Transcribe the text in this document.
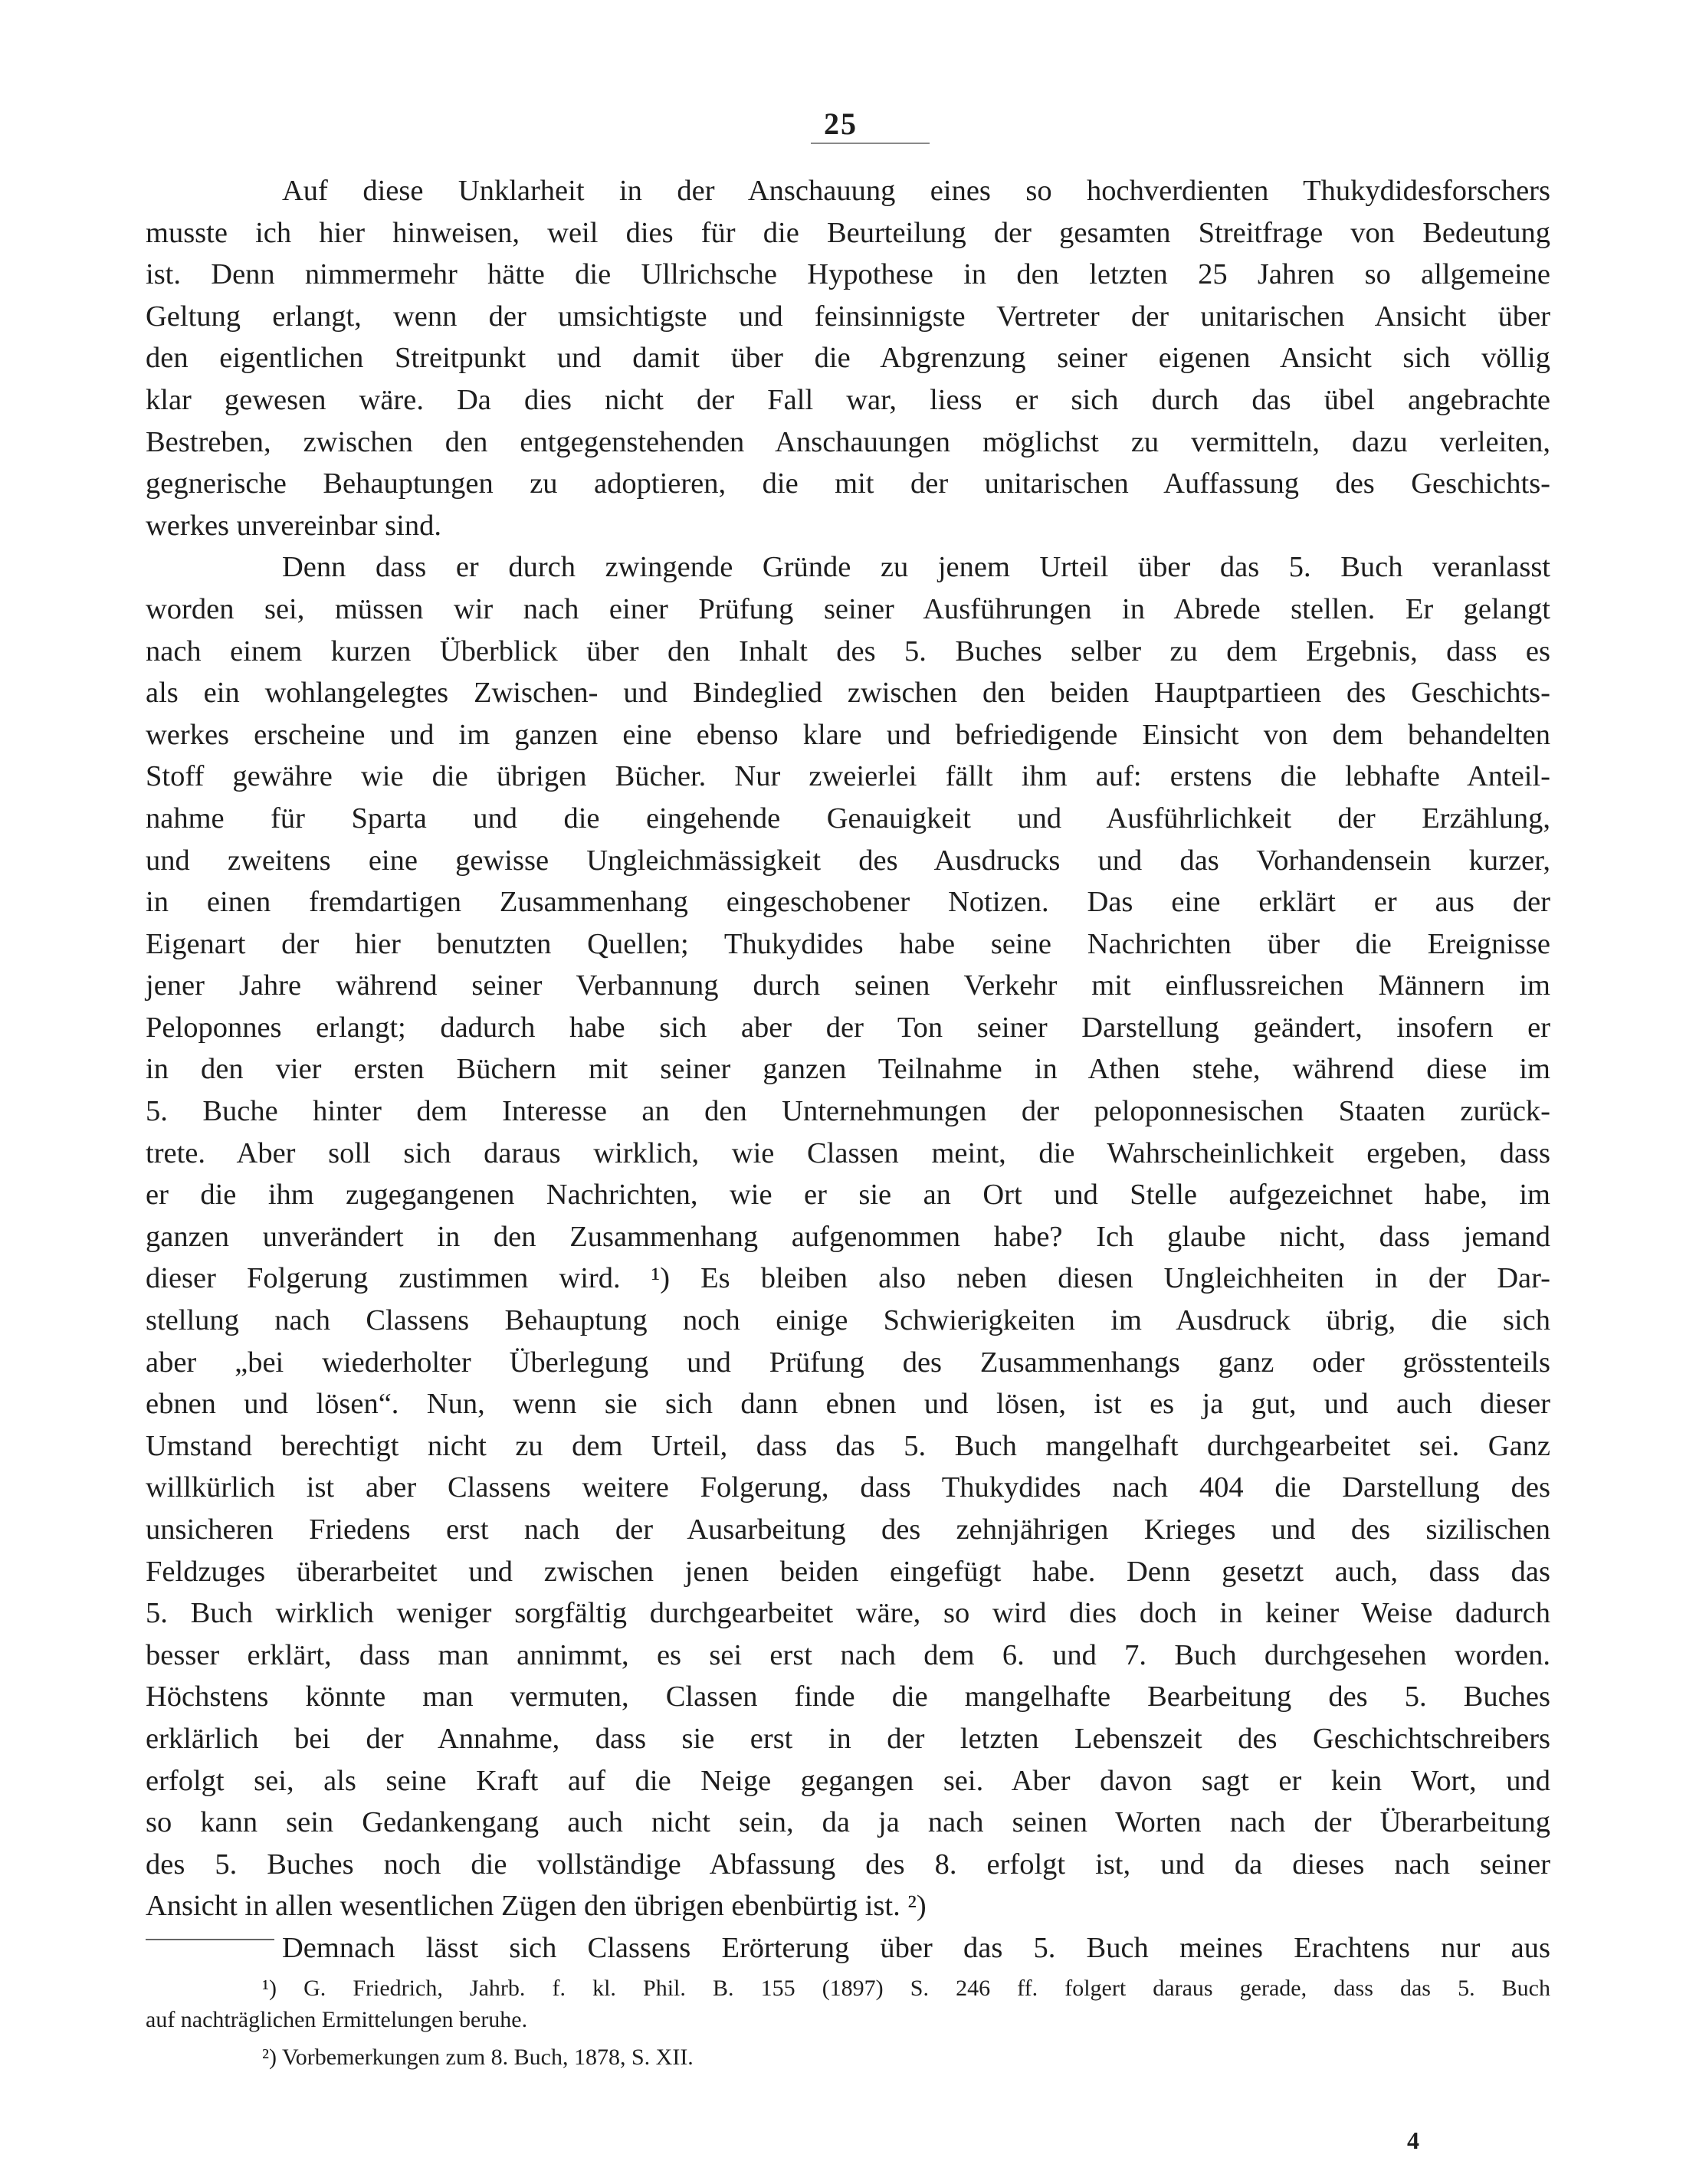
25

Auf diese Unklarheit in der Anschauung eines so hochverdienten Thukydidesforschers
musste ich hier hinweisen, weil dies für die Beurteilung der gesamten Streitfrage von Bedeutung
ist. Denn nimmermehr hätte die Ullrichsche Hypothese in den letzten 25 Jahren so allgemeine
Geltung erlangt, wenn der umsichtigste und feinsinnigste Vertreter der unitarischen Ansicht über
den eigentlichen Streitpunkt und damit über die Abgrenzung seiner eigenen Ansicht sich völlig
klar gewesen wäre. Da dies nicht der Fall war, liess er sich durch das übel angebrachte
Bestreben, zwischen den entgegenstehenden Anschauungen möglichst zu vermitteln, dazu verleiten,
gegnerische Behauptungen zu adoptieren, die mit der unitarischen Auffassung des Geschichts-
werkes unvereinbar sind.
Denn dass er durch zwingende Gründe zu jenem Urteil über das 5. Buch veranlasst
worden sei, müssen wir nach einer Prüfung seiner Ausführungen in Abrede stellen. Er gelangt
nach einem kurzen Überblick über den Inhalt des 5. Buches selber zu dem Ergebnis, dass es
als ein wohlangelegtes Zwischen- und Bindeglied zwischen den beiden Hauptpartieen des Geschichts-
werkes erscheine und im ganzen eine ebenso klare und befriedigende Einsicht von dem behandelten
Stoff gewähre wie die übrigen Bücher. Nur zweierlei fällt ihm auf: erstens die lebhafte Anteil-
nahme für Sparta und die eingehende Genauigkeit und Ausführlichkeit der Erzählung,
und zweitens eine gewisse Ungleichmässigkeit des Ausdrucks und das Vorhandensein kurzer,
in einen fremdartigen Zusammenhang eingeschobener Notizen. Das eine erklärt er aus der
Eigenart der hier benutzten Quellen; Thukydides habe seine Nachrichten über die Ereignisse
jener Jahre während seiner Verbannung durch seinen Verkehr mit einflussreichen Männern im
Peloponnes erlangt; dadurch habe sich aber der Ton seiner Darstellung geändert, insofern er
in den vier ersten Büchern mit seiner ganzen Teilnahme in Athen stehe, während diese im
5. Buche hinter dem Interesse an den Unternehmungen der peloponnesischen Staaten zurück-
trete. Aber soll sich daraus wirklich, wie Classen meint, die Wahrscheinlichkeit ergeben, dass
er die ihm zugegangenen Nachrichten, wie er sie an Ort und Stelle aufgezeichnet habe, im
ganzen unverändert in den Zusammenhang aufgenommen habe? Ich glaube nicht, dass jemand
dieser Folgerung zustimmen wird. ¹) Es bleiben also neben diesen Ungleichheiten in der Dar-
stellung nach Classens Behauptung noch einige Schwierigkeiten im Ausdruck übrig, die sich
aber „bei wiederholter Überlegung und Prüfung des Zusammenhangs ganz oder grösstenteils
ebnen und lösen“. Nun, wenn sie sich dann ebnen und lösen, ist es ja gut, und auch dieser
Umstand berechtigt nicht zu dem Urteil, dass das 5. Buch mangelhaft durchgearbeitet sei. Ganz
willkürlich ist aber Classens weitere Folgerung, dass Thukydides nach 404 die Darstellung des
unsicheren Friedens erst nach der Ausarbeitung des zehnjährigen Krieges und des sizilischen
Feldzuges überarbeitet und zwischen jenen beiden eingefügt habe. Denn gesetzt auch, dass das
5. Buch wirklich weniger sorgfältig durchgearbeitet wäre, so wird dies doch in keiner Weise dadurch
besser erklärt, dass man annimmt, es sei erst nach dem 6. und 7. Buch durchgesehen worden.
Höchstens könnte man vermuten, Classen finde die mangelhafte Bearbeitung des 5. Buches
erklärlich bei der Annahme, dass sie erst in der letzten Lebenszeit des Geschichtschreibers
erfolgt sei, als seine Kraft auf die Neige gegangen sei. Aber davon sagt er kein Wort, und
so kann sein Gedankengang auch nicht sein, da ja nach seinen Worten nach der Überarbeitung
des 5. Buches noch die vollständige Abfassung des 8. erfolgt ist, und da dieses nach seiner
Ansicht in allen wesentlichen Zügen den übrigen ebenbürtig ist. ²)
Demnach lässt sich Classens Erörterung über das 5. Buch meines Erachtens nur aus

¹) G. Friedrich, Jahrb. f. kl. Phil. B. 155 (1897) S. 246 ff. folgert daraus gerade, dass das 5. Buch
auf nachträglichen Ermittelungen beruhe.
²) Vorbemerkungen zum 8. Buch, 1878, S. XII.
4
